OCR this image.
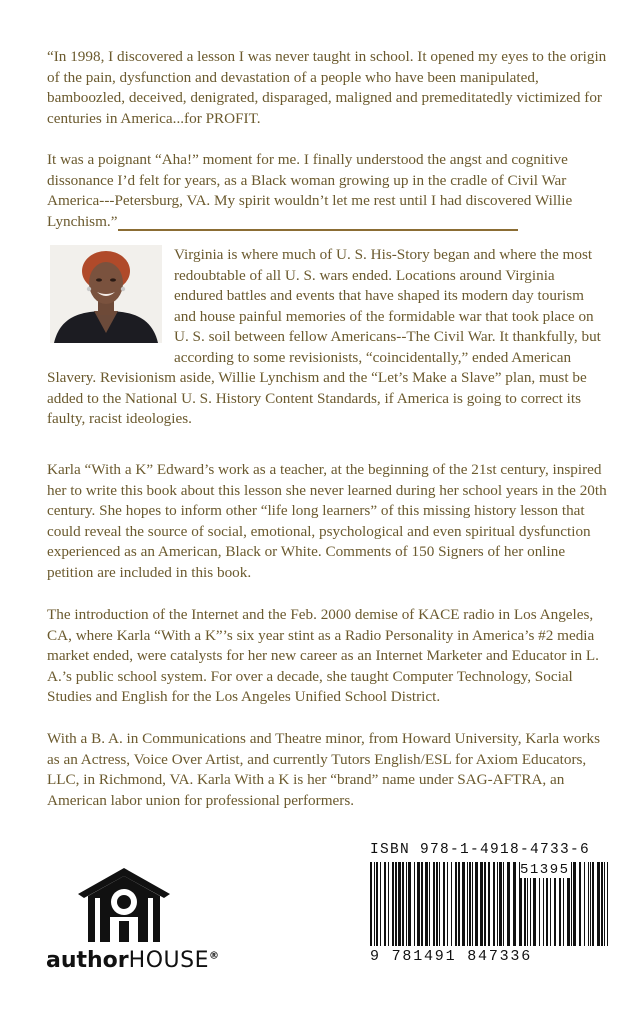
“In 1998, I discovered a lesson I was never taught in school. It opened my eyes to the origin of the pain, dysfunction and devastation of a people who have been manipulated, bamboozled, deceived, denigrated, disparaged, maligned and premeditatedly victimized for centuries in America...for PROFIT.

It was a poignant “Aha!” moment for me. I finally understood the angst and cognitive dissonance I’d felt for years, as a Black woman growing up in the cradle of Civil War America---Petersburg, VA. My spirit wouldn’t let me rest until I had discovered Willie Lynchism.”

Virginia is where much of U. S. His-Story began and where the most redoubtable of all U. S. wars ended. Locations around Virginia endured battles and events that have shaped its modern day tourism and house painful memories of the formidable war that took place on U. S. soil between fellow Americans--The Civil War. It thankfully, but according to some revisionists, “coincidentally,” ended American Slavery. Revisionism aside, Willie Lynchism and the “Let’s Make a Slave” plan, must be added to the National U. S. History Content Standards, if America is going to correct its faulty, racist ideologies.

Karla “With a K” Edward’s work as a teacher, at the beginning of the 21st century, inspired her to write this book about this lesson she never learned during her school years in the 20th century. She hopes to inform other “life long learners” of this missing history lesson that could reveal the source of social, emotional, psychological and even spiritual dysfunction experienced as an American, Black or White. Comments of 150 Signers of her online petition are included in this book.

The introduction of the Internet and the Feb. 2000 demise of KACE radio in Los Angeles, CA, where Karla “With a K”’s six year stint as a Radio Personality in America’s #2 media market ended, were catalysts for her new career as an Internet Marketer and Educator in L. A.’s public school system. For over a decade, she taught Computer Technology, Social Studies and English for the Los Angeles Unified School District.

With a B. A. in Communications and Theatre minor, from Howard University, Karla works as an Actress, Voice Over Artist, and currently Tutors English/ESL for Axiom Educators, LLC, in Richmond, VA. Karla With a K is her “brand” name under SAG-AFTRA, an American labor union for professional performers.

authorHOUSE®
ISBN 978-1-4918-4733-6
51395
9 781491 847336
